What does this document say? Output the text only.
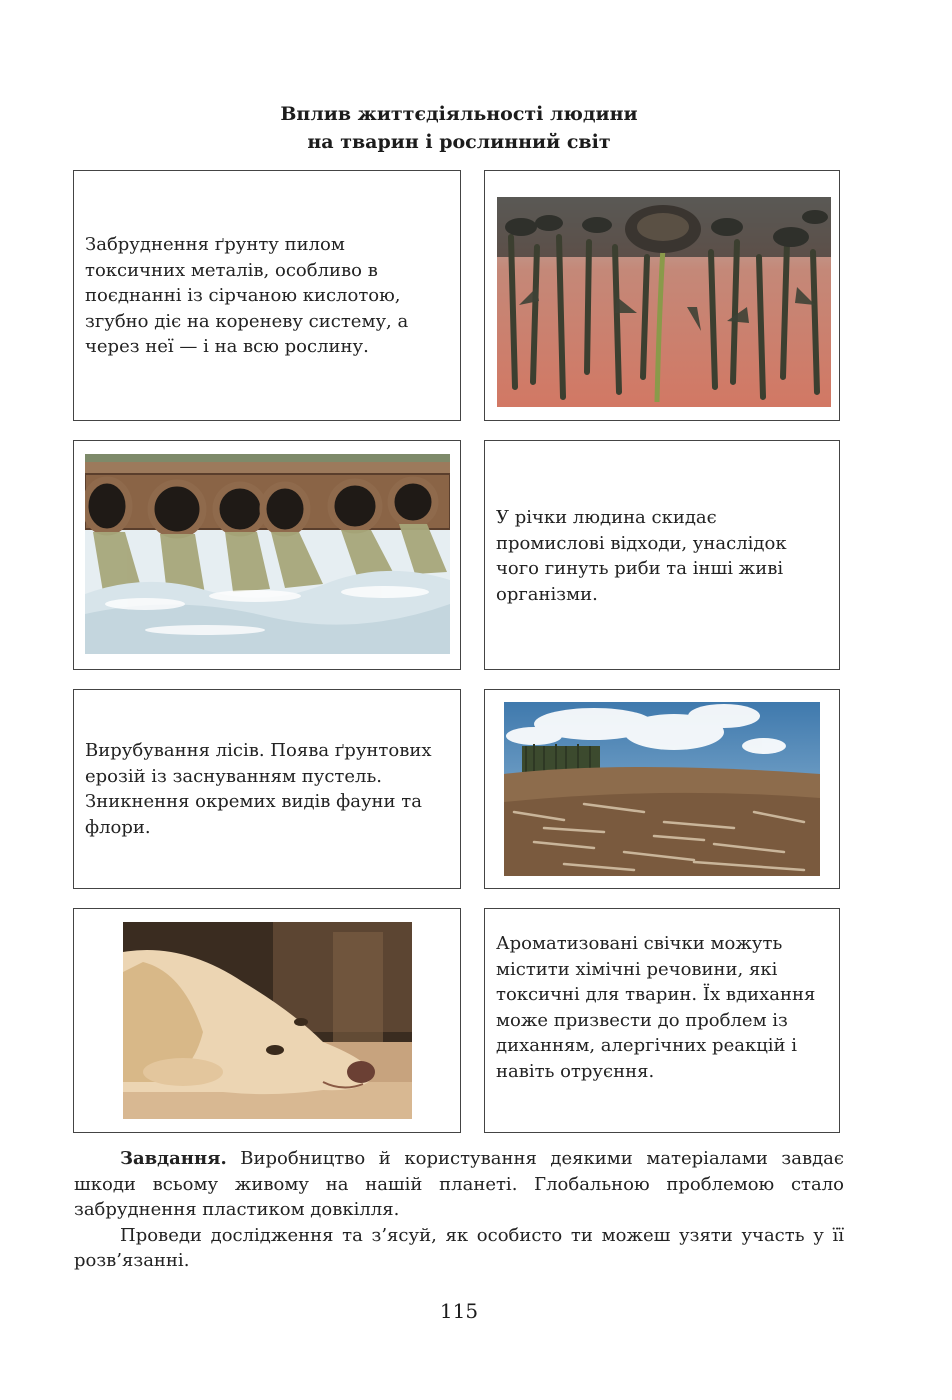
Вплив життєдіяльності людини
на тварин і рослинний світ
Забруднення ґрунту пилом токсичних металів, особливо в поєднанні із сірчаною кислотою, згубно діє на кореневу систему, а через неї — і на всю рослину.
У річки людина скидає промислові відходи, унаслідок чого гинуть риби та інші живі організми.
Вирубування лісів. Поява ґрунтових ерозій із заснуванням пустель. Зникнення окремих видів фауни та флори.
Ароматизовані свічки можуть містити хімічні речовини, які токсичні для тварин. Їх вдихання може призвести до проблем із диханням, алергічних реакцій і навіть отруєння.

Завдання. Виробництво й користування деякими матеріалами завдає шкоди всьому живому на нашій планеті. Глобальною проблемою стало забруднення пластиком довкілля.

Проведи дослідження та з’ясуй, як особисто ти можеш узяти участь у її розв’язанні.

115
